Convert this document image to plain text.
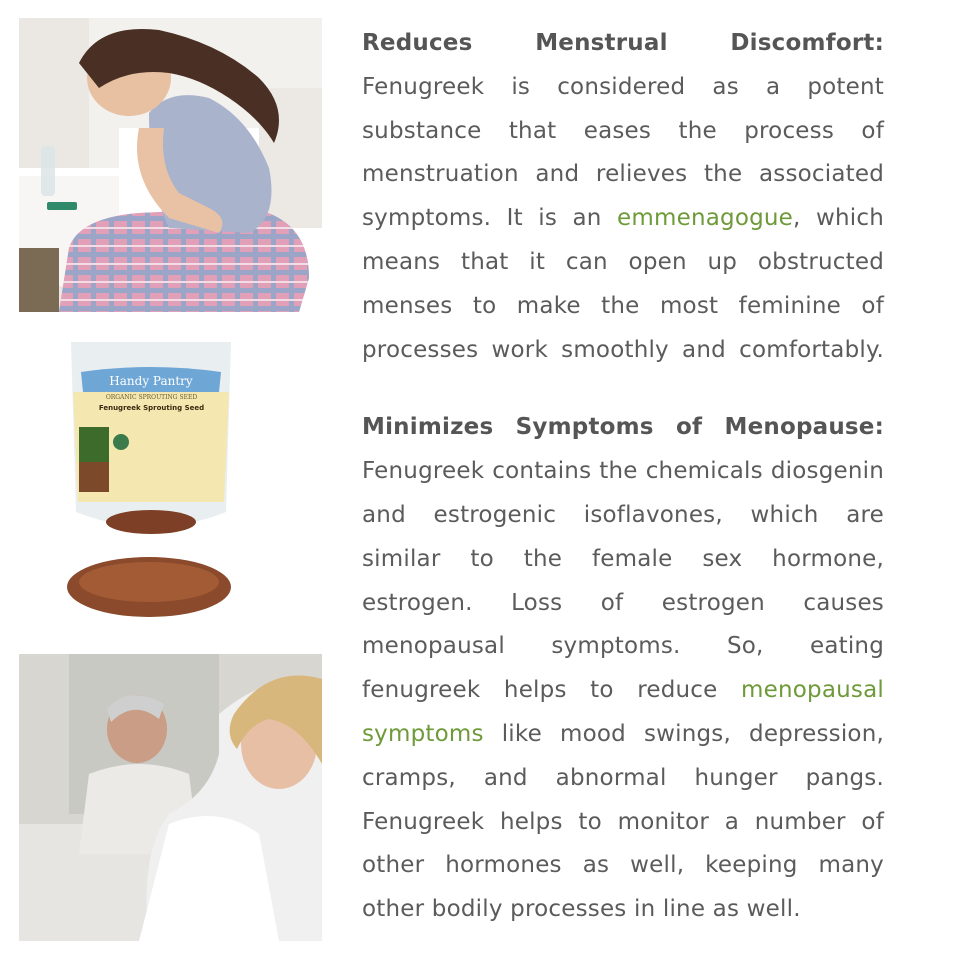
Handy Pantry
ORGANIC SPROUTING SEED
Fenugreek Sprouting Seed

Reduces Menstrual Discomfort: Fenugreek is considered as a potent substance that eases the process of menstruation and relieves the associated symptoms. It is an emmenagogue, which means that it can open up obstructed menses to make the most feminine of processes work smoothly and comfortably.

Minimizes Symptoms of Menopause: Fenugreek contains the chemicals diosgenin and estrogenic isoflavones, which are similar to the female sex hormone, estrogen. Loss of estrogen causes menopausal symptoms. So, eating fenugreek helps to reduce menopausal symptoms like mood swings, depression, cramps, and abnormal hunger pangs. Fenugreek helps to monitor a number of other hormones as well, keeping many other bodily processes in line as well.
